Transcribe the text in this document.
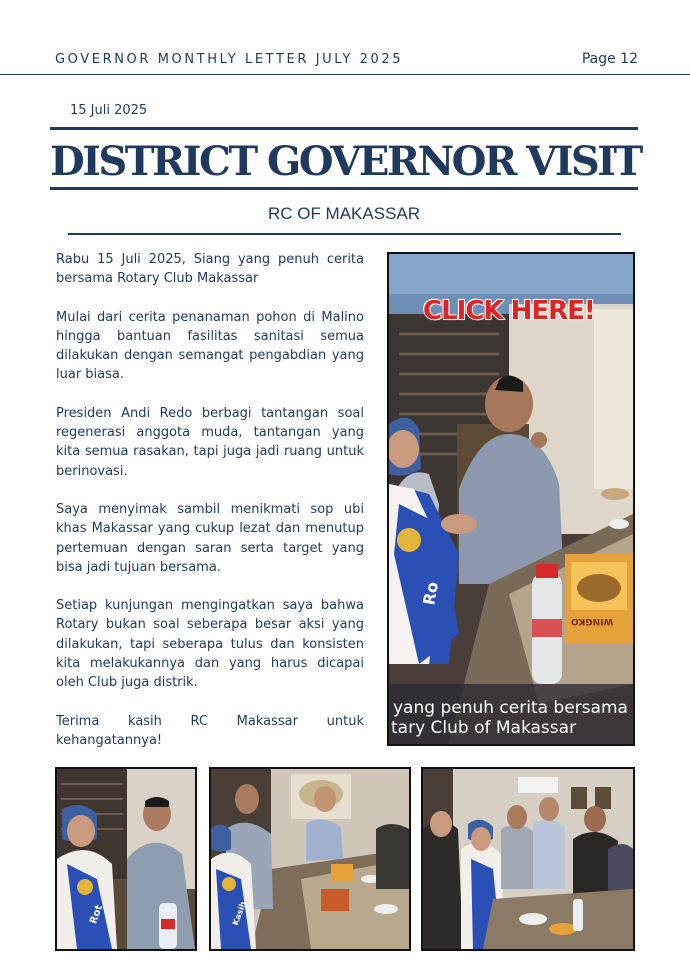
GOVERNOR MONTHLY LETTER JULY 2025	Page 12
15 Juli 2025
DISTRICT GOVERNOR VISIT
RC OF MAKASSAR

Rabu 15 Juli 2025, Siang yang penuh cerita bersama Rotary Club Makassar

Mulai dari cerita penanaman pohon di Malino hingga bantuan fasilitas sanitasi semua dilakukan dengan semangat pengabdian yang luar biasa.

Presiden Andi Redo berbagi tantangan soal regenerasi anggota muda, tantangan yang kita semua rasakan, tapi juga jadi ruang untuk berinovasi.

Saya menyimak sambil menikmati sop ubi khas Makassar yang cukup lezat dan menutup pertemuan dengan saran serta target yang bisa jadi tujuan bersama.

Setiap kunjungan mengingatkan saya bahwa Rotary bukan soal seberapa besar aksi yang dilakukan, tapi seberapa tulus dan konsisten kita melakukannya dan yang harus dicapai oleh Club juga distrik.

Terima kasih RC Makassar untuk kehangatannya!

CLICK HERE!
Ro
WINGKO
yang penuh cerita bersama
tary Club of Makassar
Rot	Kasih
